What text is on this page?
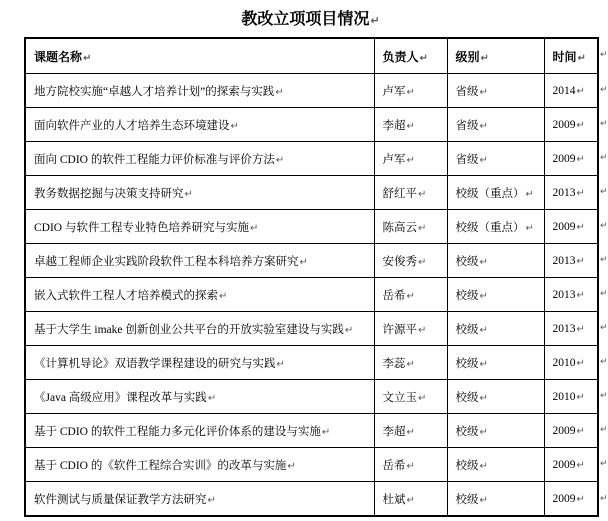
教改立项项目情况↵
课题名称↵	负责人↵	级别↵	时间↵
地方院校实施“卓越人才培养计划”的探索与实践↵	卢军↵	省级↵	2014↵
面向软件产业的人才培养生态环境建设↵	李超↵	省级↵	2009↵
面向 CDIO 的软件工程能力评价标准与评价方法↵	卢军↵	省级↵	2009↵
教务数据挖掘与决策支持研究↵	舒红平↵	校级（重点）↵	2013↵
CDIO 与软件工程专业特色培养研究与实施↵	陈高云↵	校级（重点）↵	2009↵
卓越工程师企业实践阶段软件工程本科培养方案研究↵	安俊秀↵	校级↵	2013↵
嵌入式软件工程人才培养模式的探索↵	岳希↵	校级↵	2013↵
基于大学生 imake 创新创业公共平台的开放实验室建设与实践↵	许源平↵	校级↵	2013↵
《计算机导论》双语教学课程建设的研究与实践↵	李蕊↵	校级↵	2010↵
《Java 高级应用》课程改革与实践↵	文立玉↵	校级↵	2010↵
基于 CDIO 的软件工程能力多元化评价体系的建设与实施↵	李超↵	校级↵	2009↵
基于 CDIO 的《软件工程综合实训》的改革与实施↵	岳希↵	校级↵	2009↵
软件测试与质量保证教学方法研究↵	杜斌↵	校级↵	2009↵
↵
↵
↵
↵
↵
↵
↵
↵
↵
↵
↵
↵
↵
↵
